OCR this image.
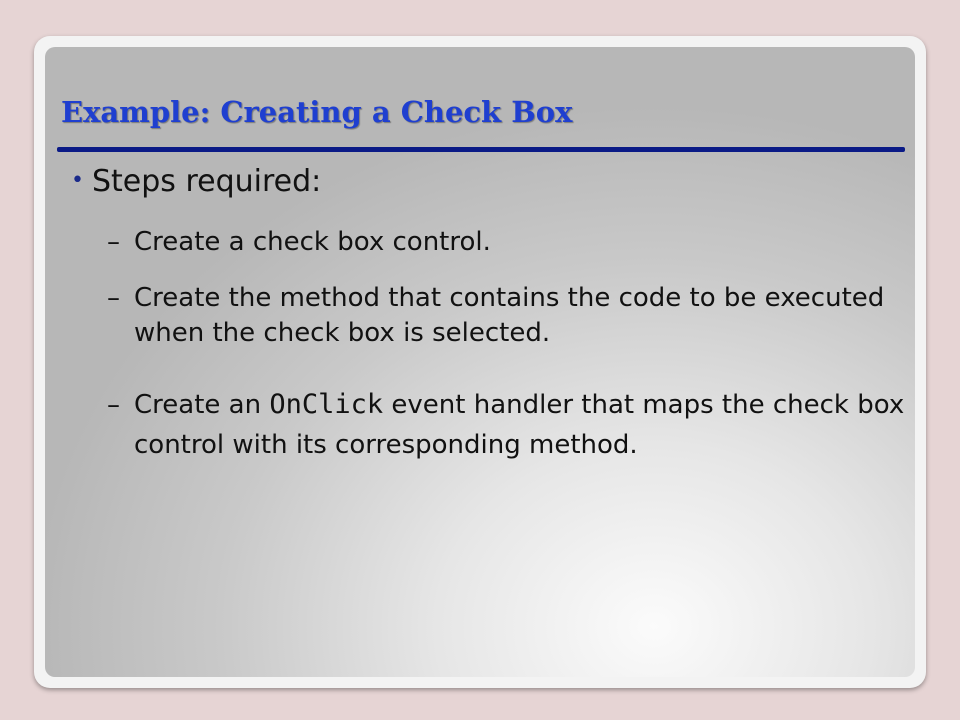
Example: Creating a Check Box
• Steps required:
– Create a check box control.
– Create the method that contains the code to be executed when the check box is selected.
– Create an OnClick event handler that maps the check box control with its corresponding method.
